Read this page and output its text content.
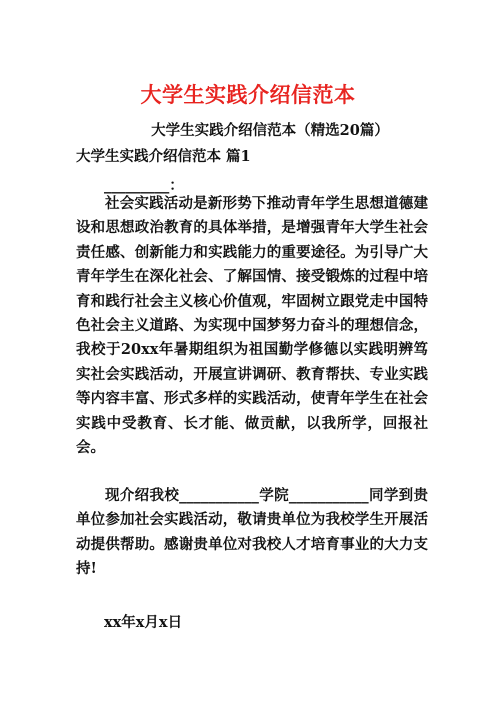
大学生实践介绍信范本
大学生实践介绍信范本（精选20篇）
大学生实践介绍信范本 篇1
_________：
社会实践活动是新形势下推动青年学生思想道德建设和思想政治教育的具体举措，是增强青年大学生社会责任感、创新能力和实践能力的重要途径。为引导广大青年学生在深化社会、了解国情、接受锻炼的过程中培育和践行社会主义核心价值观，牢固树立跟党走中国特色社会主义道路、为实现中国梦努力奋斗的理想信念，我校于20xx年暑期组织为祖国勤学修德以实践明辨笃实社会实践活动，开展宣讲调研、教育帮扶、专业实践等内容丰富、形式多样的实践活动，使青年学生在社会实践中受教育、长才能、做贡献，以我所学，回报社会。
现介绍我校___________学院___________同学到贵单位参加社会实践活动，敬请贵单位为我校学生开展活动提供帮助。感谢贵单位对我校人才培育事业的大力支持!
xx年x月x日
